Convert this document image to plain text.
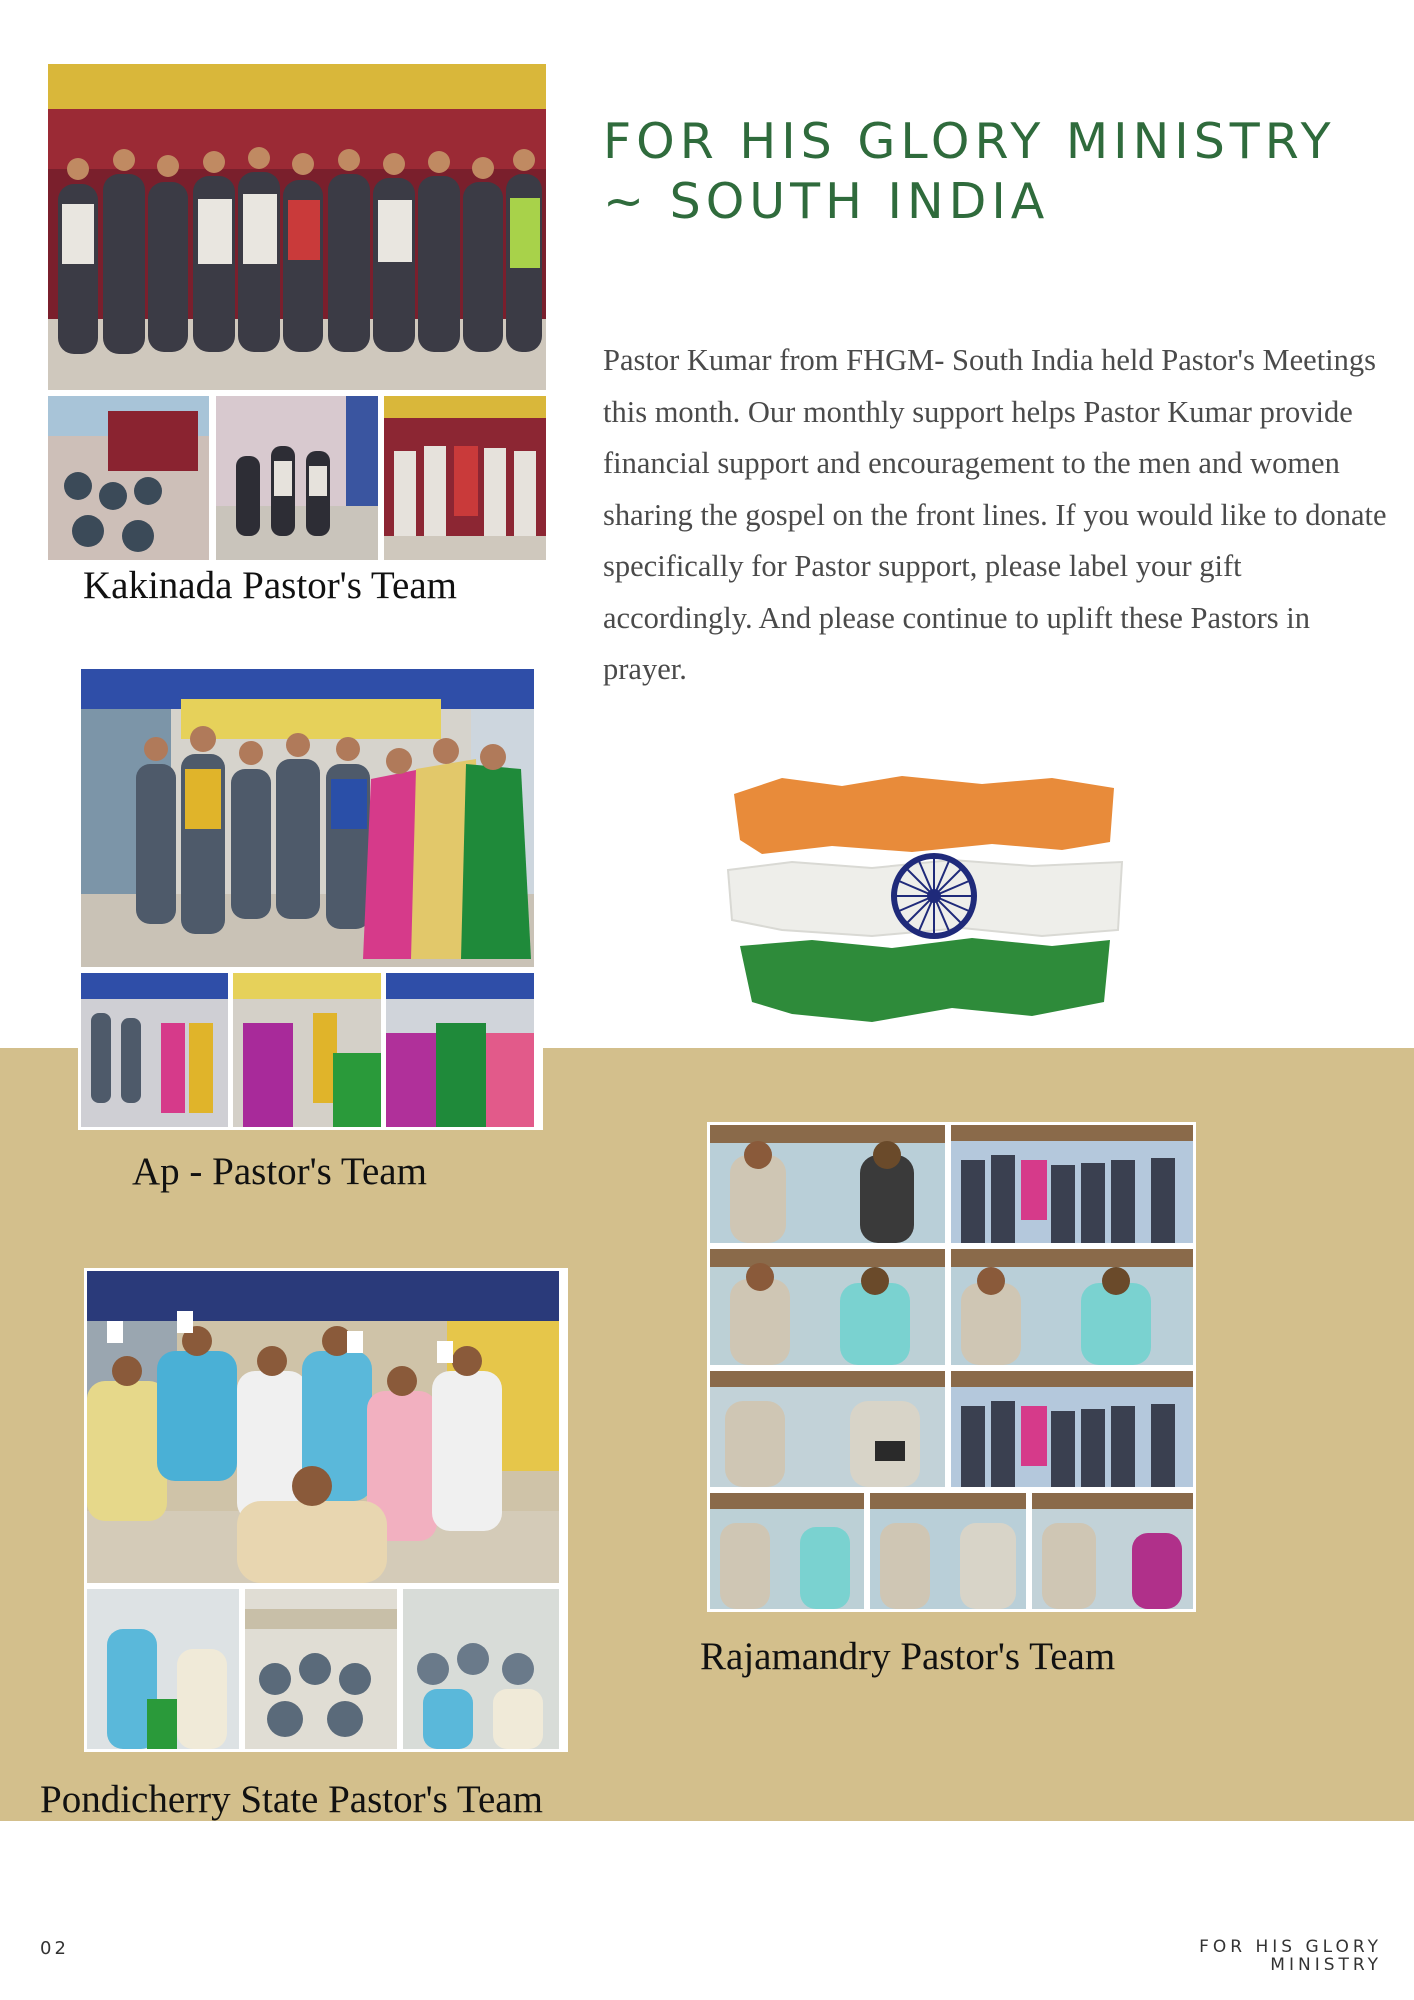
Kakinada Pastor's Team

FOR HIS GLORY MINISTRY ~ SOUTH INDIA

Pastor Kumar from FHGM- South India held Pastor's Meetings this month. Our monthly support helps Pastor Kumar provide financial support and encouragement to the men and women sharing the gospel on the front lines. If you would like to donate specifically for Pastor support, please label your gift accordingly. And please continue to uplift these Pastors in prayer.

Ap - Pastor's Team

Rajamandry Pastor's Team

Pondicherry State Pastor's Team

02	FOR HIS GLORY
MINISTRY
